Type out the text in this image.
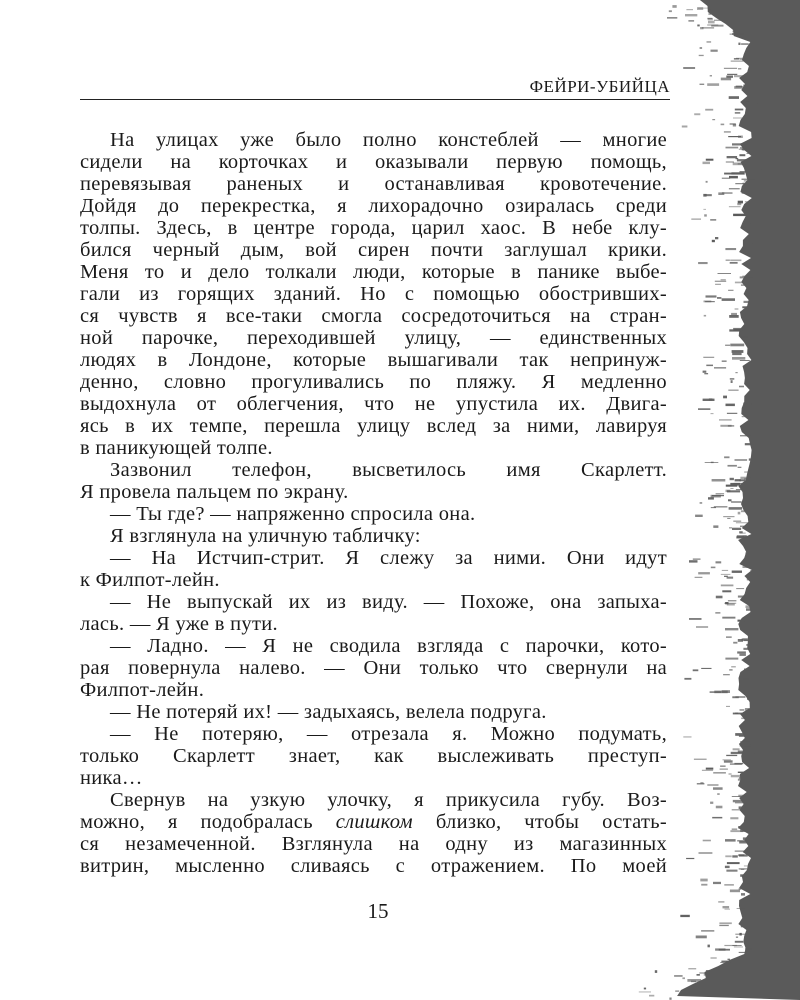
ФЕЙРИ-УБИЙЦА
На улицах уже было полно констеблей — многие
сидели на корточках и оказывали первую помощь,
перевязывая раненых и останавливая кровотечение.
Дойдя до перекрестка, я лихорадочно озиралась среди
толпы. Здесь, в центре города, царил хаос. В небе клу-
бился черный дым, вой сирен почти заглушал крики.
Меня то и дело толкали люди, которые в панике выбе-
гали из горящих зданий. Но с помощью обостривших-
ся чувств я все-таки смогла сосредоточиться на стран-
ной парочке, переходившей улицу, — единственных
людях в Лондоне, которые вышагивали так непринуж-
денно, словно прогуливались по пляжу. Я медленно
выдохнула от облегчения, что не упустила их. Двига-
ясь в их темпе, перешла улицу вслед за ними, лавируя
в паникующей толпе.
Зазвонил телефон, высветилось имя Скарлетт.
Я провела пальцем по экрану.
— Ты где? — напряженно спросила она.
Я взглянула на уличную табличку:
— На Истчип-стрит. Я слежу за ними. Они идут
к Филпот-лейн.
— Не выпускай их из виду. — Похоже, она запыха-
лась. — Я уже в пути.
— Ладно. — Я не сводила взгляда с парочки, кото-
рая повернула налево. — Они только что свернули на
Филпот-лейн.
— Не потеряй их! — задыхаясь, велела подруга.
— Не потеряю, — отрезала я. Можно подумать,
только Скарлетт знает, как выслеживать преступ-
ника…
Свернув на узкую улочку, я прикусила губу. Воз-
можно, я подобралась слишком близко, чтобы остать-
ся незамеченной. Взглянула на одну из магазинных
витрин, мысленно сливаясь с отражением. По моей
15
